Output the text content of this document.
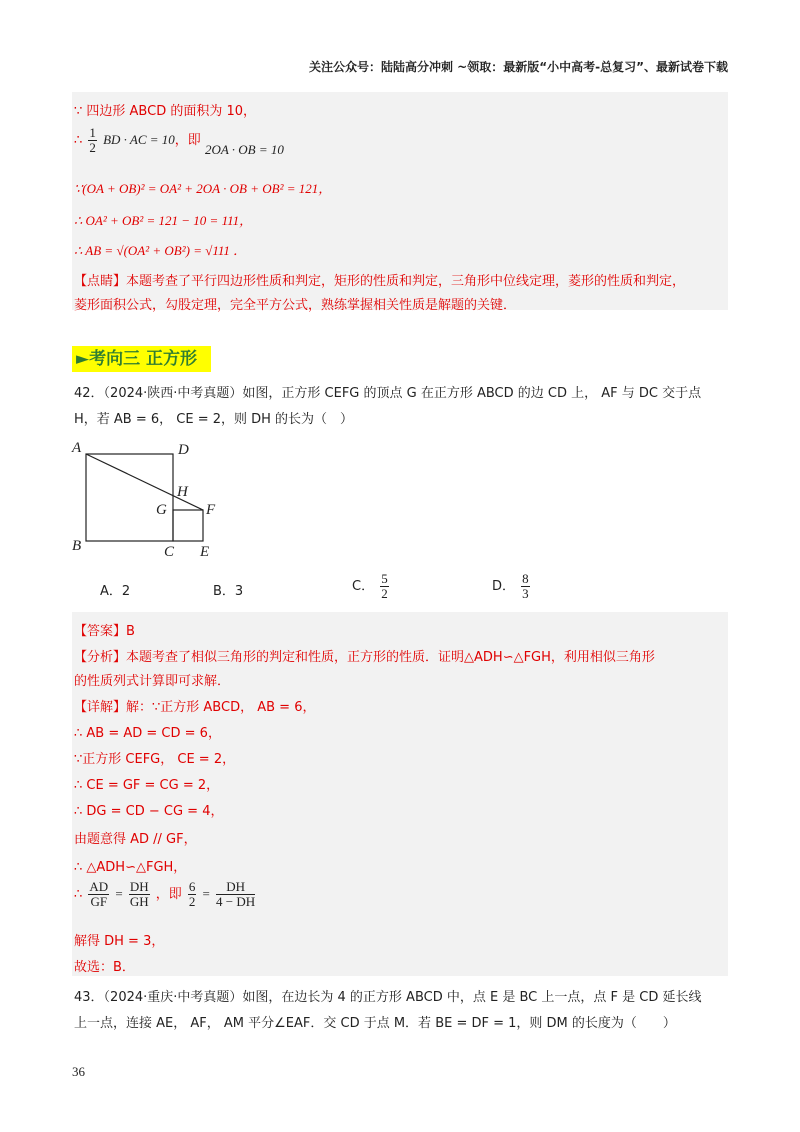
关注公众号：陆陆高分冲刺 ~领取：最新版“小中高考-总复习”、最新试卷下载
∵ 四边形 ABCD 的面积为 10，
∴ $\frac{1}{2}$ BD · AC = 10，即 2OA · OB = 10
∵(OA + OB)² = OA² + 2OA · OB + OB² = 121，
∴ OA² + OB² = 121 − 10 = 111，
∴ AB = √(OA² + OB²) = √111 ．
【点睛】本题考查了平行四边形性质和判定，矩形的性质和判定，三角形中位线定理，菱形的性质和判定，
菱形面积公式，勾股定理，完全平方公式，熟练掌握相关性质是解题的关键．
►考向三 正方形
42．（2024·陕西·中考真题）如图，正方形 CEFG 的顶点 G 在正方形 ABCD 的边 CD 上， AF 与 DC 交于点
H，若 AB = 6， CE = 2，则 DH 的长为（　）
A	D
H
G	F
B	C E
A．2	B．3	C． $\frac{5}{2}$	D． $\frac{8}{3}$
【答案】B
【分析】本题考查了相似三角形的判定和性质，正方形的性质．证明△ADH∽△FGH，利用相似三角形
的性质列式计算即可求解．
【详解】解：∵正方形 ABCD， AB = 6，
∴ AB = AD = CD = 6，
∵正方形 CEFG， CE = 2，
∴ CE = GF = CG = 2，
∴ DG = CD − CG = 4，
由题意得 AD // GF，
∴ △ADH∽△FGH，
∴ $\frac{AD}{GF} = \frac{DH}{GH}$ ，即 $\frac{6}{2} = \frac{DH}{4 - DH}$
解得 DH = 3，
故选：B．
43．（2024·重庆·中考真题）如图，在边长为 4 的正方形 ABCD 中，点 E 是 BC 上一点，点 F 是 CD 延长线
上一点，连接 AE， AF， AM 平分∠EAF．交 CD 于点 M．若 BE = DF = 1，则 DM 的长度为（　　）
36
